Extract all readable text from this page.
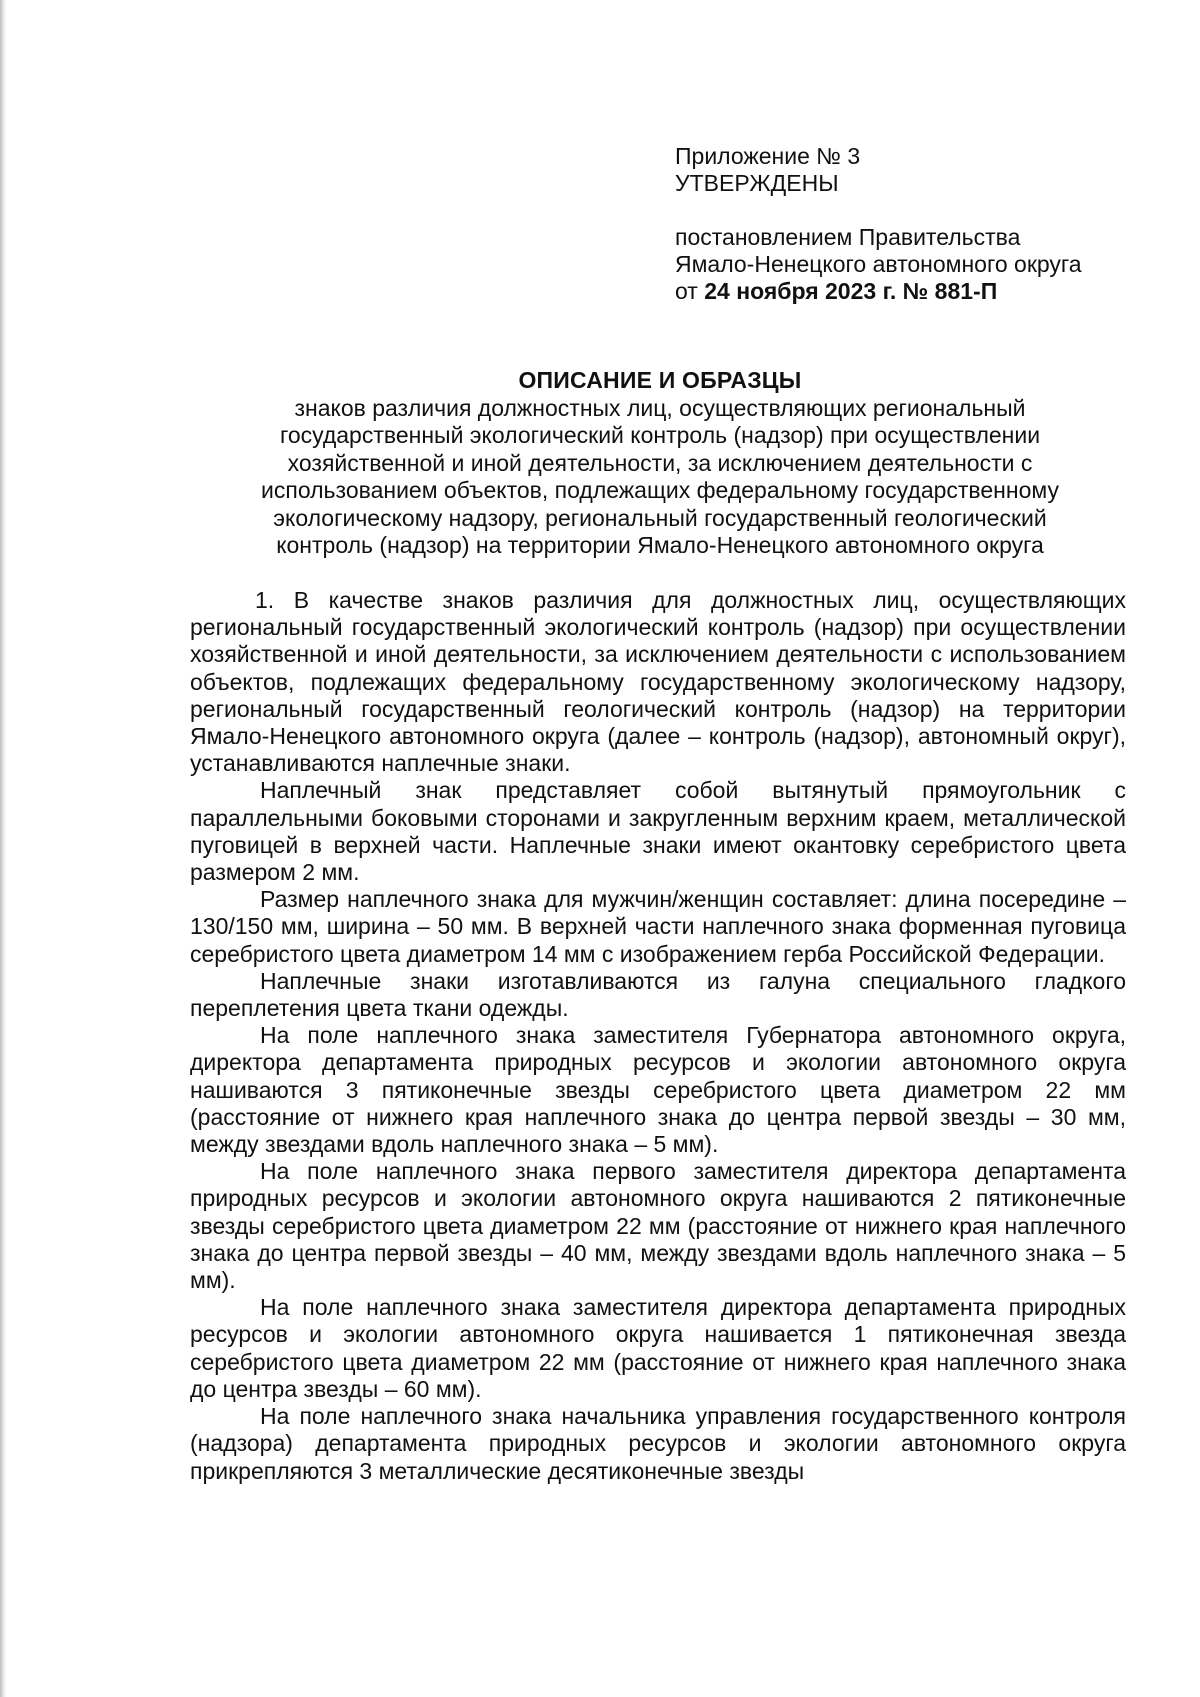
Приложение № 3
УТВЕРЖДЕНЫ
постановлением Правительства
Ямало-Ненецкого автономного округа
от 24 ноября 2023 г. № 881-П
ОПИСАНИЕ И ОБРАЗЦЫ
знаков различия должностных лиц, осуществляющих региональный
государственный экологический контроль (надзор) при осуществлении
хозяйственной и иной деятельности, за исключением деятельности с
использованием объектов, подлежащих федеральному государственному
экологическому надзору, региональный государственный геологический
контроль (надзор) на территории Ямало-Ненецкого автономного округа

1. В качестве знаков различия для должностных лиц, осуществляющих региональный государственный экологический контроль (надзор) при осуществлении хозяйственной и иной деятельности, за исключением деятельности с использованием объектов, подлежащих федеральному государственному экологическому надзору, региональный государственный геологический контроль (надзор) на территории Ямало-Ненецкого автономного округа (далее – контроль (надзор), автономный округ), устанавливаются наплечные знаки.

Наплечный знак представляет собой вытянутый прямоугольник с параллельными боковыми сторонами и закругленным верхним краем, металлической пуговицей в верхней части. Наплечные знаки имеют окантовку серебристого цвета размером 2 мм.

Размер наплечного знака для мужчин/женщин составляет: длина посередине – 130/150 мм, ширина – 50 мм. В верхней части наплечного знака форменная пуговица серебристого цвета диаметром 14 мм с изображением герба Российской Федерации.

Наплечные знаки изготавливаются из галуна специального гладкого переплетения цвета ткани одежды.

На поле наплечного знака заместителя Губернатора автономного округа, директора департамента природных ресурсов и экологии автономного округа нашиваются 3 пятиконечные звезды серебристого цвета диаметром 22 мм (расстояние от нижнего края наплечного знака до центра первой звезды – 30 мм, между звездами вдоль наплечного знака – 5 мм).

На поле наплечного знака первого заместителя директора департамента природных ресурсов и экологии автономного округа нашиваются 2 пятиконечные звезды серебристого цвета диаметром 22 мм (расстояние от нижнего края наплечного знака до центра первой звезды – 40 мм, между звездами вдоль наплечного знака – 5 мм).

На поле наплечного знака заместителя директора департамента природных ресурсов и экологии автономного округа нашивается 1 пятиконечная звезда серебристого цвета диаметром 22 мм (расстояние от нижнего края наплечного знака до центра звезды – 60 мм).

На поле наплечного знака начальника управления государственного контроля (надзора) департамента природных ресурсов и экологии автономного округа прикрепляются 3 металлические десятиконечные звезды
